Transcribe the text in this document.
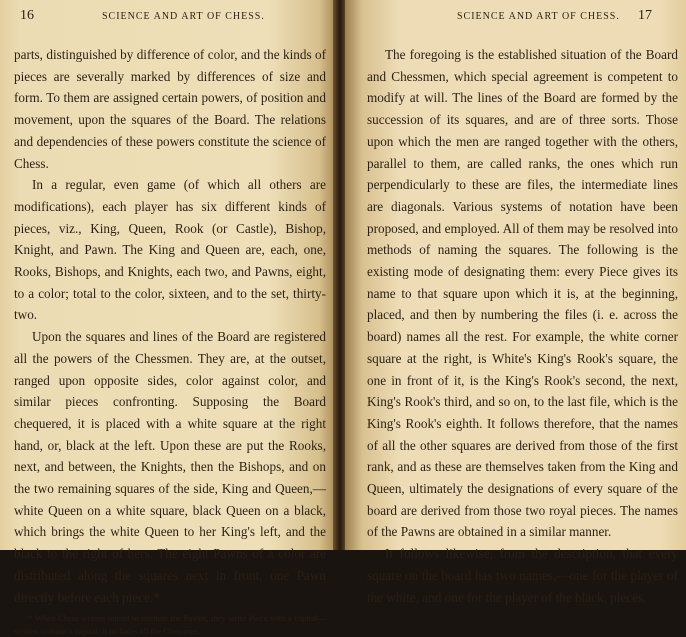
16	SCIENCE AND ART OF CHESS.

parts, distinguished by difference of color, and the kinds of pieces are severally marked by differences of size and form. To them are assigned certain powers, of position and movement, upon the squares of the Board. The relations and dependencies of these powers constitute the science of Chess.

In a regular, even game (of which all others are modifications), each player has six different kinds of pieces, viz., King, Queen, Rook (or Castle), Bishop, Knight, and Pawn. The King and Queen are, each, one, Rooks, Bishops, and Knights, each two, and Pawns, eight, to a color; total to the color, sixteen, and to the set, thirty-two.

Upon the squares and lines of the Board are registered all the powers of the Chessmen. They are, at the outset, ranged upon opposite sides, color against color, and similar pieces confronting. Supposing the Board chequered, it is placed with a white square at the right hand, or, black at the left. Upon these are put the Rooks, next, and between, the Knights, then the Bishops, and on the two remaining squares of the side, King and Queen,—white Queen on a white square, black Queen on a black, which brings the white Queen to her King's left, and the black to the right of hers. The eight Pawns of a color are distributed along the squares next in front, one Pawn directly before each piece.*

* When Chess writers intend to exclude the Pawns, they write Piece with a capital—written without a capital, it includes all the Chessmen.
SCIENCE AND ART OF CHESS. 17

The foregoing is the established situation of the Board and Chessmen, which special agreement is competent to modify at will. The lines of the Board are formed by the succession of its squares, and are of three sorts. Those upon which the men are ranged together with the others, parallel to them, are called ranks, the ones which run perpendicularly to these are files, the intermediate lines are diagonals. Various systems of notation have been proposed, and employed. All of them may be resolved into methods of naming the squares. The following is the existing mode of designating them: every Piece gives its name to that square upon which it is, at the beginning, placed, and then by numbering the files (i. e. across the board) names all the rest. For example, the white corner square at the right, is White's King's Rook's square, the one in front of it, is the King's Rook's second, the next, King's Rook's third, and so on, to the last file, which is the King's Rook's eighth. It follows therefore, that the names of all the other squares are derived from those of the first rank, and as these are themselves taken from the King and Queen, ultimately the designations of every square of the board are derived from those two royal pieces. The names of the Pawns are obtained in a similar manner.

It follows likewise, from the description, that every square on the board has two names,—one for the player of the white, and one for the player of the black, pieces.
